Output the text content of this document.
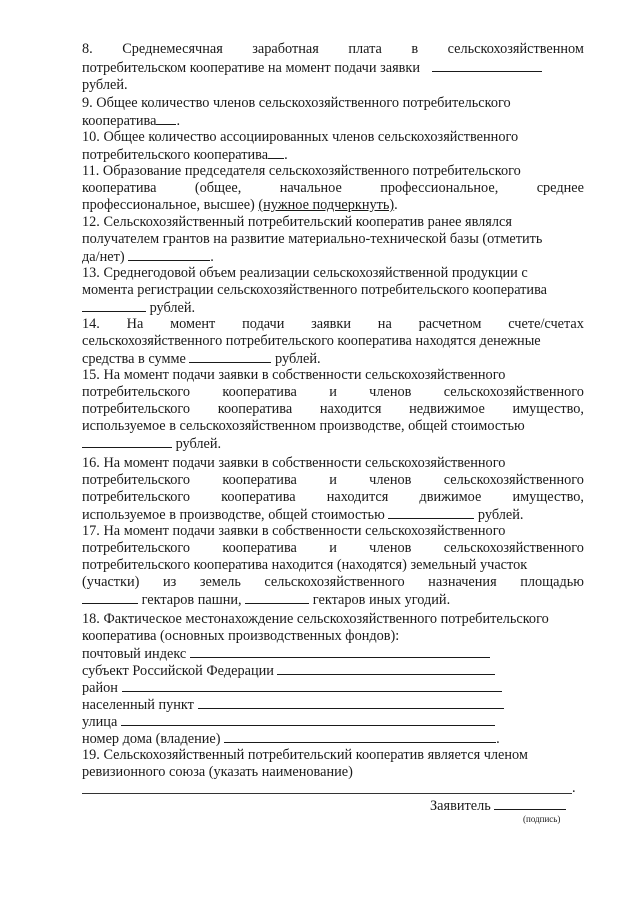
8. Среднемесячная заработная плата в сельскохозяйственном
потребительском кооперативе на момент подачи заявки
рублей.
9. Общее количество членов сельскохозяйственного потребительского
кооператива .
10. Общее количество ассоциированных членов сельскохозяйственного
потребительского кооператива .
11. Образование председателя сельскохозяйственного потребительского
кооператива	(общее,	начальное	профессиональное,	среднее
профессиональное, высшее) (нужное подчеркнуть).
12. Сельскохозяйственный потребительский кооператив ранее являлся
получателем грантов на развитие материально-технической базы (отметить
да/нет)	.
13. Среднегодовой объем реализации сельскохозяйственной продукции с
момента регистрации сельскохозяйственного потребительского кооператива
рублей.
14. На момент подачи заявки на расчетном счете/счетах
сельскохозяйственного потребительского кооператива находятся денежные
средства в сумме	рублей.
15. На момент подачи заявки в собственности сельскохозяйственного
потребительского кооператива и членов сельскохозяйственного
потребительского кооператива находится недвижимое имущество,
используемое в сельскохозяйственном производстве, общей стоимостью
рублей.
16. На момент подачи заявки в собственности сельскохозяйственного
потребительского кооператива и членов сельскохозяйственного
потребительского кооператива находится движимое имущество,
используемое в производстве, общей стоимостью	рублей.
17. На момент подачи заявки в собственности сельскохозяйственного
потребительского кооператива и членов сельскохозяйственного
потребительского кооператива находится (находятся) земельный участок
(участки) из земель сельскохозяйственного назначения площадью
гектаров пашни,	гектаров иных угодий.
18. Фактическое местонахождение сельскохозяйственного потребительского
кооператива (основных производственных фондов):
почтовый индекс
субъект Российской Федерации
район
населенный пункт
улица
номер дома (владение)	.
19. Сельскохозяйственный потребительский кооператив является членом
ревизионного союза (указать наименование)
.
Заявитель
(подпись)
